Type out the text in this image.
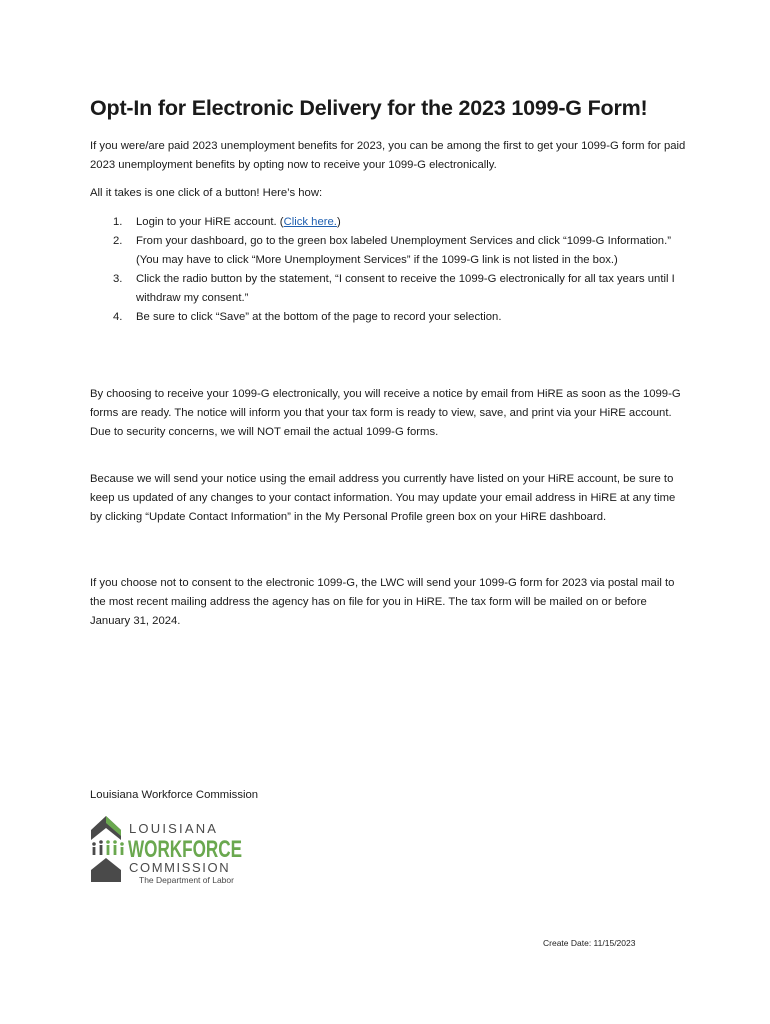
Opt-In for Electronic Delivery for the 2023 1099-G Form!

If you were/are paid 2023 unemployment benefits for 2023, you can be among the first to get your 1099-G form for paid 2023 unemployment benefits by opting now to receive your 1099-G electronically.

All it takes is one click of a button! Here’s how:

1. Login to your HiRE account. (Click here.)
2. From your dashboard, go to the green box labeled Unemployment Services and click “1099-G Information.” (You may have to click “More Unemployment Services” if the 1099-G link is not listed in the box.)
3. Click the radio button by the statement, “I consent to receive the 1099-G electronically for all tax years until I withdraw my consent.”
4. Be sure to click “Save” at the bottom of the page to record your selection.

By choosing to receive your 1099-G electronically, you will receive a notice by email from HiRE as soon as the 1099-G forms are ready. The notice will inform you that your tax form is ready to view, save, and print via your HiRE account. Due to security concerns, we will NOT email the actual 1099-G forms.

Because we will send your notice using the email address you currently have listed on your HiRE account, be sure to keep us updated of any changes to your contact information. You may update your email address in HiRE at any time by clicking “Update Contact Information” in the My Personal Profile green box on your HiRE dashboard.

If you choose not to consent to the electronic 1099-G, the LWC will send your 1099-G form for 2023 via postal mail to the most recent mailing address the agency has on file for you in HiRE. The tax form will be mailed on or before January 31, 2024.

Louisiana Workforce Commission

LOUISIANA
WORKFORCE
COMMISSION
The Department of Labor
Create Date: 11/15/2023
